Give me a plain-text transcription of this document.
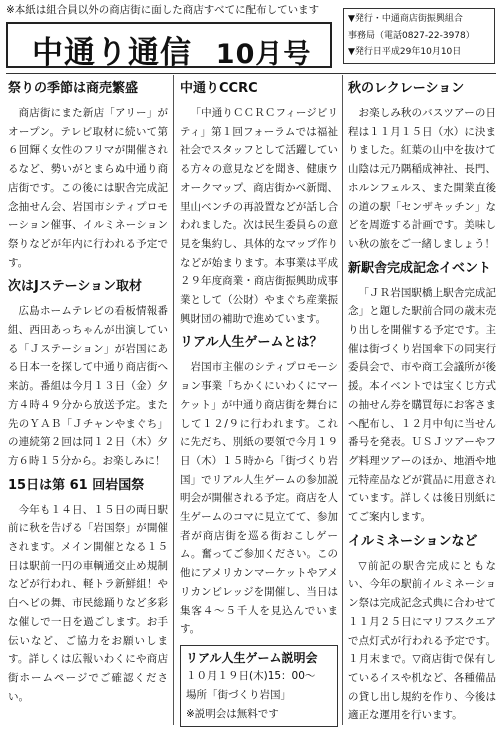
※本紙は組合員以外の商店街に面した商店すべてに配布しています
中通り通信 10月号
▼発行・中通商店街振興組合
事務局（電話0827-22-3978）
▼発行日平成29年10月10日
祭りの季節は商売繁盛

商店街にまた新店「アリー」がオープン。テレビ取材に続いて第６回輝く女性のフリマが開催されるなど、勢いがとまらぬ中通り商店街です。この後には駅舎完成記念抽せん会、岩国市シティプロモーション催事、イルミネーション祭りなどが年内に行われる予定です。

次はJステーション取材

広島ホームテレビの看板情報番組、西田あっちゃんが出演している「Ｊステーション」が岩国にある日本一を探して中通り商店街へ来訪。番組は今月１３日（金）夕方４時４９分から放送予定。また先のＹＡＢ「Ｊチャンやまぐち」の連続第２回は同１２日（木）夕方６時１５分から。お楽しみに！

15日は第 61 回岩国祭

今年も１４日、１５日の両日駅前に秋を告げる「岩国祭」が開催されます。メイン開催となる１５日は駅前一円の車輌通交止め規制などが行われ、軽トラ新鮮組！や白へビの舞、市民総踊りなど多彩な催しで一日を過ごします。お手伝いなど、ご協力をお願いします。詳しくは広報いわくにや商店街ホームページでご確認ください。

中通りCCRC

「中通りＣＣＲＣフィージビリティ」第１回フォーラムでは福祉社会でスタッフとして活躍している方々の意見などを聞き、健康ウオークマップ、商店街かべ新聞、里山ベンチの再設置などが話し合われました。次は民生委員らの意見を集約し、具体的なマップ作りなどが始まります。本事業は平成２９年度商業・商店街振興助成事業として（公財）やまぐち産業振興財団の補助で進めています。

リアル人生ゲームとは？

岩国市主催のシティプロモーション事業「ちかくにいわくにマーケット」が中通り商店街を舞台にして１２/９に行われます。これに先だち、別紙の要領で今月１９日（木）１５時から「街づくり岩国」でリアル人生ゲームの参加説明会が開催される予定。商店を人生ゲームのコマに見立てて、参加者が商店街を巡る街おこしゲーム。奮ってご参加ください。この他にアメリカンマーケットやアメリカンビレッジを開催し、当日は集客４～５千人を見込んでいます。

リアル人生ゲーム説明会
１０月１９日(木)15：00～
場所「街づくり岩国」
※説明会は無料です
秋のレクレーション

お楽しみ秋のバスツアーの日程は１１月１５日（水）に決まりました。紅葉の山中を抜けて山陰は元乃隅稲成神社、長門、ホルンフェルス、また開業直後の道の駅「センザキッチン」などを周遊する計画です。美味しい秋の旅をご一緒しましょう！

新駅舎完成記念イベント

「ＪＲ岩国駅橋上駅舎完成記念」と題した駅前合同の歳末売り出しを開催する予定です。主催は街づくり岩国傘下の同実行委員会で、市や商工会議所が後援。本イベントでは宝くじ方式の抽せん券を購買毎にお客さまへ配布し、１２月中旬に当せん番号を発表。ＵＳＪツアーやフグ料理ツアーのほか、地酒や地元特産品などが賞品に用意されています。詳しくは後日別紙にてご案内します。

イルミネーションなど

▽前記の駅舎完成にともない、今年の駅前イルミネーション祭は完成記念式典に合わせて１１月２５日にマリフスクエアで点灯式が行われる予定です。１月末まで。▽商店街で保有しているイスや机など、各種備品の貸し出し規約を作り、今後は適正な運用を行います。
